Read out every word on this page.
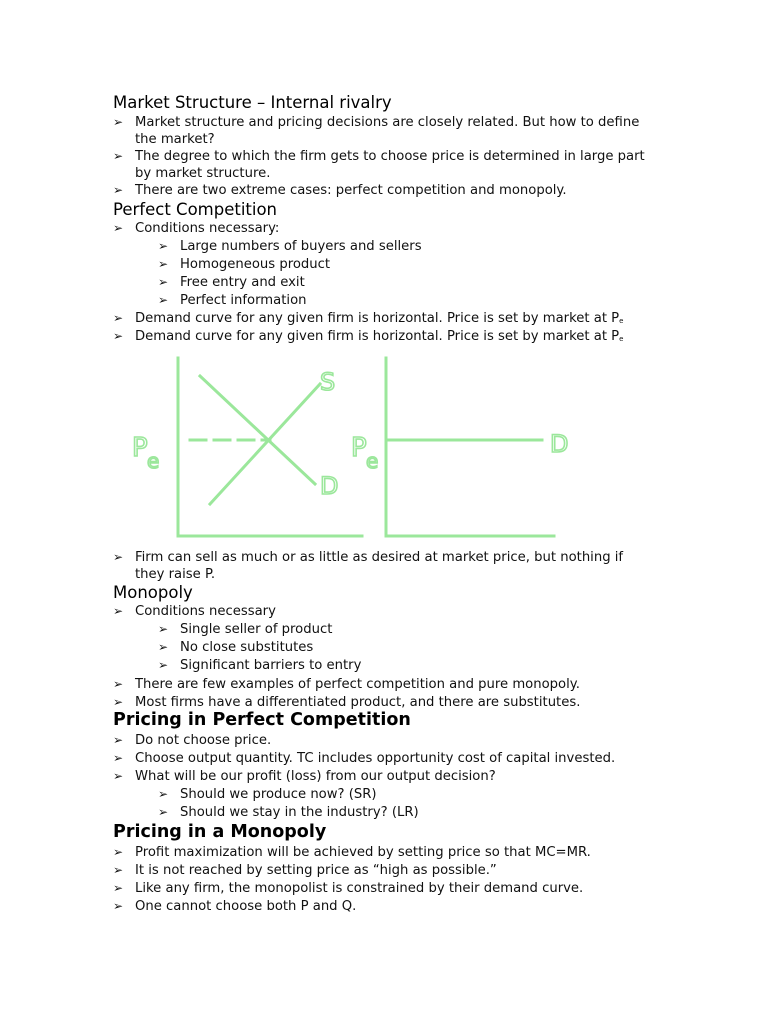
Market Structure – Internal rivalry
➢ Market structure and pricing decisions are closely related. But how to define
the market?
➢ The degree to which the firm gets to choose price is determined in large part
by market structure.
➢ There are two extreme cases: perfect competition and monopoly.
Perfect Competition
➢ Conditions necessary:
➢ Large numbers of buyers and sellers
➢ Homogeneous product
➢ Free entry and exit
➢ Perfect information
➢ Demand curve for any given firm is horizontal. Price is set by market at $P_e$
➢ Demand curve for any given firm is horizontal. Price is set by market at $P_e$
P e
S
D
P e
D
➢ Firm can sell as much or as little as desired at market price, but nothing if
they raise P.
Monopoly
➢ Conditions necessary
➢ Single seller of product
➢ No close substitutes
➢ Significant barriers to entry
➢ There are few examples of perfect competition and pure monopoly.
➢ Most firms have a differentiated product, and there are substitutes.
Pricing in Perfect Competition
➢ Do not choose price.
➢ Choose output quantity. TC includes opportunity cost of capital invested.
➢ What will be our profit (loss) from our output decision?
➢ Should we produce now? (SR)
➢ Should we stay in the industry? (LR)
Pricing in a Monopoly
➢ Profit maximization will be achieved by setting price so that MC=MR.
➢ It is not reached by setting price as “high as possible.”
➢ Like any firm, the monopolist is constrained by their demand curve.
➢ One cannot choose both P and Q.
